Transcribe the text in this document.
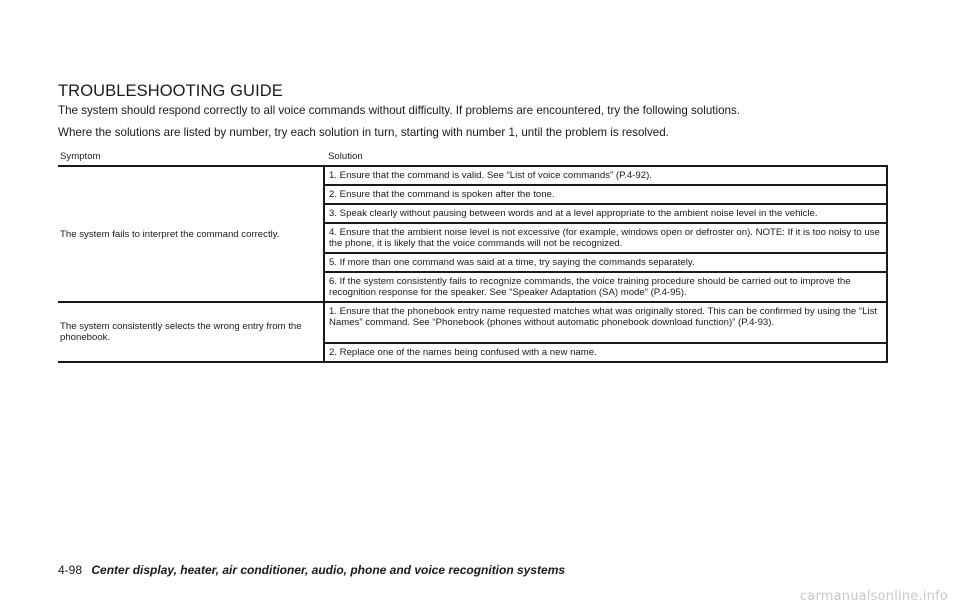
TROUBLESHOOTING GUIDE
The system should respond correctly to all voice commands without difficulty. If problems are encountered, try the following solutions.
Where the solutions are listed by number, try each solution in turn, starting with number 1, until the problem is resolved.
Symptom	Solution
The system fails to interpret the command correctly.	1. Ensure that the command is valid. See “List of voice commands” (P.4-92).
	2. Ensure that the command is spoken after the tone.
	3. Speak clearly without pausing between words and at a level appropriate to the ambient noise level in the vehicle.
	4. Ensure that the ambient noise level is not excessive (for example, windows open or defroster on). NOTE: If it is too noisy to use the phone, it is likely that the voice commands will not be recognized.
	5. If more than one command was said at a time, try saying the commands separately.
	6. If the system consistently fails to recognize commands, the voice training procedure should be carried out to improve the recognition response for the speaker. See “Speaker Adaptation (SA) mode” (P.4-95).
The system consistently selects the wrong entry from the phonebook.	1. Ensure that the phonebook entry name requested matches what was originally stored. This can be confirmed by using the “List Names” command. See “Phonebook (phones without automatic phonebook download function)” (P.4-93).
	2. Replace one of the names being confused with a new name.
4-98 Center display, heater, air conditioner, audio, phone and voice recognition systems
carmanualsonline.info
